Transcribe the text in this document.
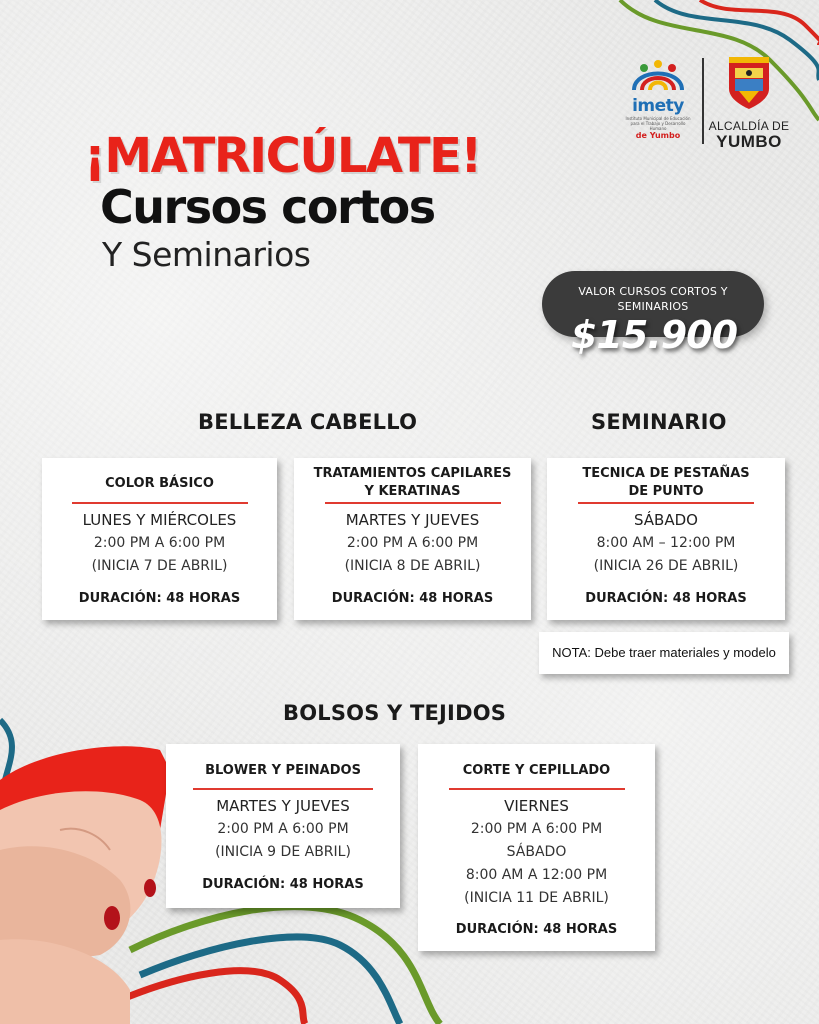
imety
Instituto Municipal de Educación para el Trabajo y Desarrollo Humano
de Yumbo
ALCALDÍA DE
YUMBO
¡MATRICÚLATE!
Cursos cortos
Y Seminarios
VALOR CURSOS CORTOS Y
SEMINARIOS
$15.900
BELLEZA CABELLO	SEMINARIO
BOLSOS Y TEJIDOS
COLOR BÁSICO
LUNES Y MIÉRCOLES
2:00 PM A 6:00 PM
(INICIA 7 DE ABRIL)
DURACIÓN: 48 HORAS
TRATAMIENTOS CAPILARES
Y KERATINAS
MARTES Y JUEVES
2:00 PM A 6:00 PM
(INICIA 8 DE ABRIL)
DURACIÓN: 48 HORAS
TECNICA DE PESTAÑAS
DE PUNTO
SÁBADO
8:00 AM – 12:00 PM
(INICIA 26 DE ABRIL)
DURACIÓN: 48 HORAS
NOTA: Debe traer materiales y modelo
BLOWER Y PEINADOS
MARTES Y JUEVES
2:00 PM A 6:00 PM
(INICIA 9 DE ABRIL)
DURACIÓN: 48 HORAS
CORTE Y CEPILLADO
VIERNES
2:00 PM A 6:00 PM
SÁBADO
8:00 AM A 12:00 PM
(INICIA 11 DE ABRIL)
DURACIÓN: 48 HORAS
